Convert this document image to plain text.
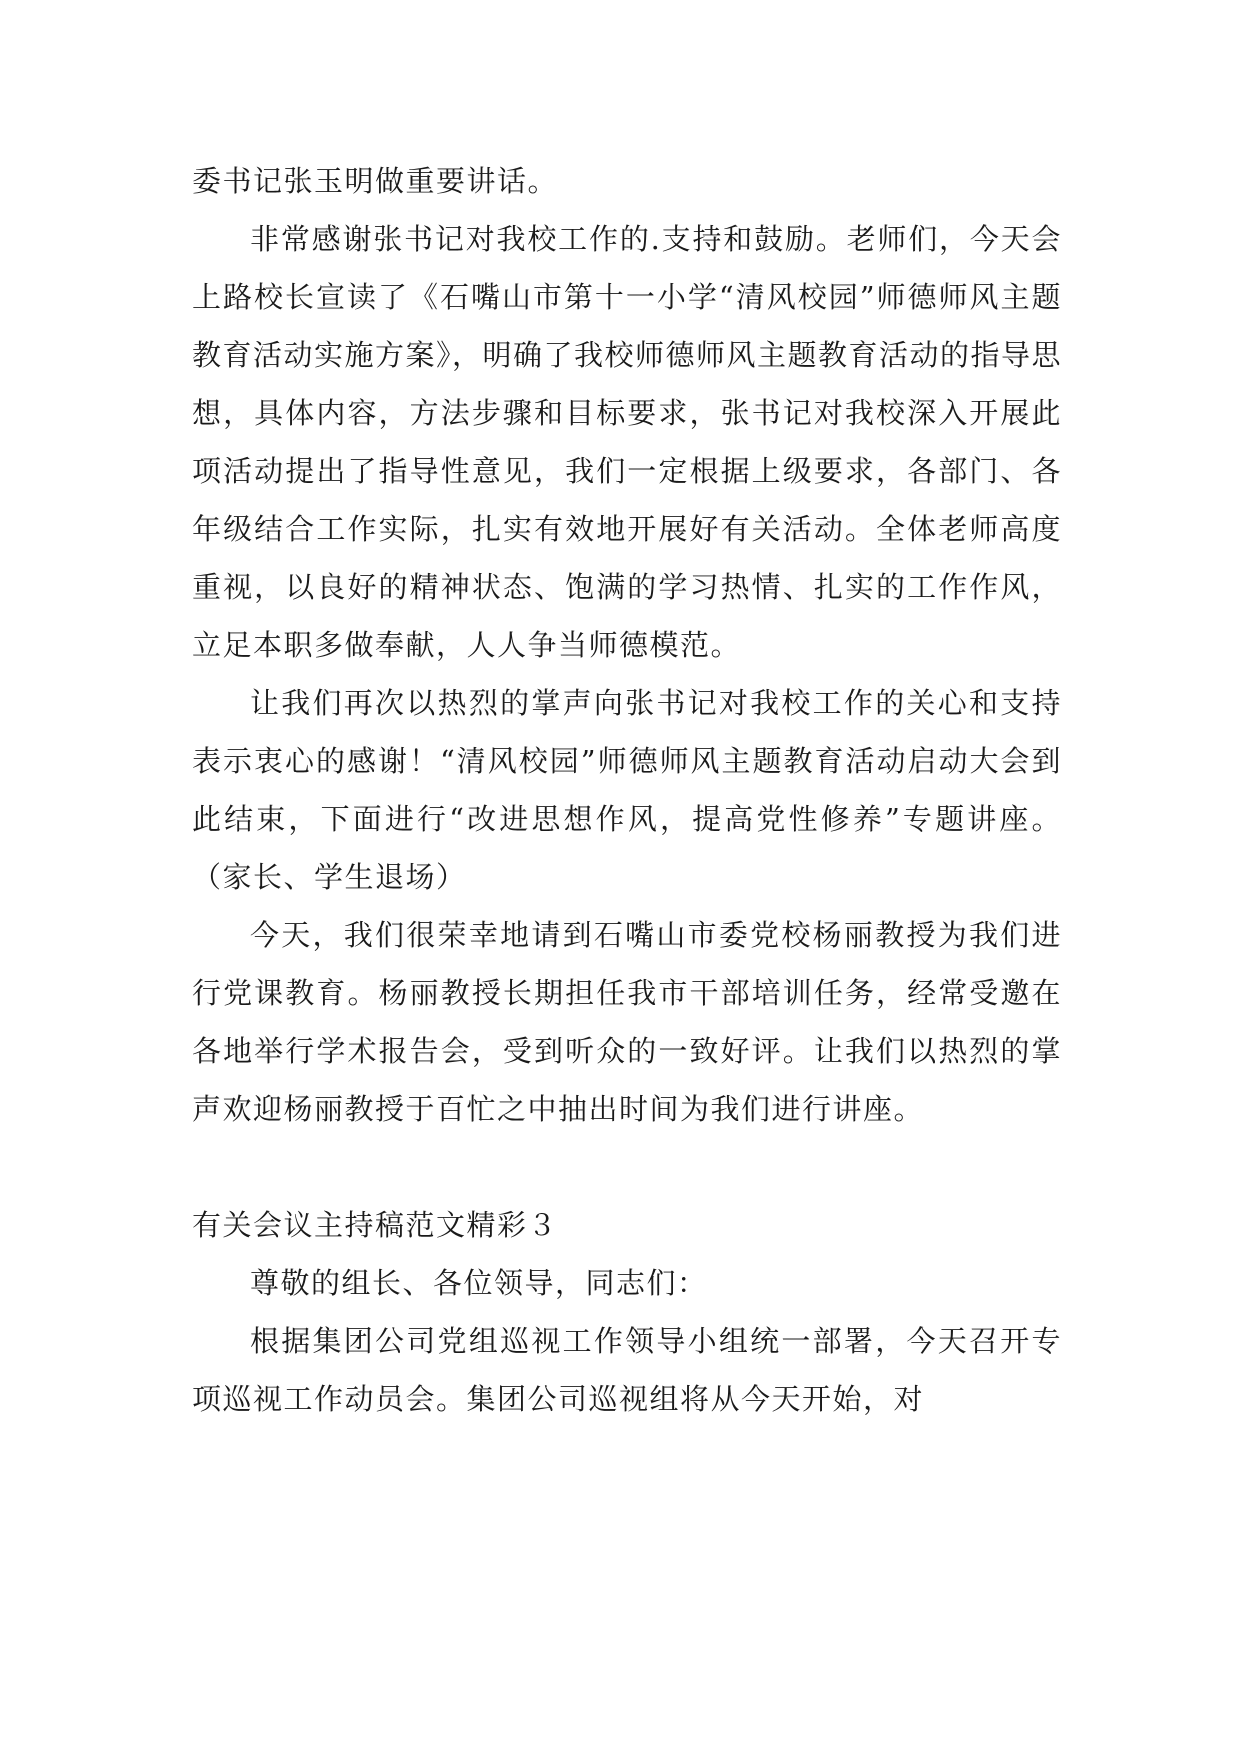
委书记张玉明做重要讲话。

非常感谢张书记对我校工作的.支持和鼓励。老师们，今天会上路校长宣读了《石嘴山市第十一小学“清风校园”师德师风主题教育活动实施方案》，明确了我校师德师风主题教育活动的指导思想，具体内容，方法步骤和目标要求，张书记对我校深入开展此项活动提出了指导性意见，我们一定根据上级要求，各部门、各年级结合工作实际，扎实有效地开展好有关活动。全体老师高度重视，以良好的精神状态、饱满的学习热情、扎实的工作作风，立足本职多做奉献，人人争当师德模范。

让我们再次以热烈的掌声向张书记对我校工作的关心和支持表示衷心的感谢！“清风校园”师德师风主题教育活动启动大会到此结束，下面进行“改进思想作风，提高党性修养”专题讲座。（家长、学生退场）

今天，我们很荣幸地请到石嘴山市委党校杨丽教授为我们进行党课教育。杨丽教授长期担任我市干部培训任务，经常受邀在各地举行学术报告会，受到听众的一致好评。让我们以热烈的掌声欢迎杨丽教授于百忙之中抽出时间为我们进行讲座。

有关会议主持稿范文精彩３

尊敬的组长、各位领导，同志们：

根据集团公司党组巡视工作领导小组统一部署，今天召开专项巡视工作动员会。集团公司巡视组将从今天开始，对
